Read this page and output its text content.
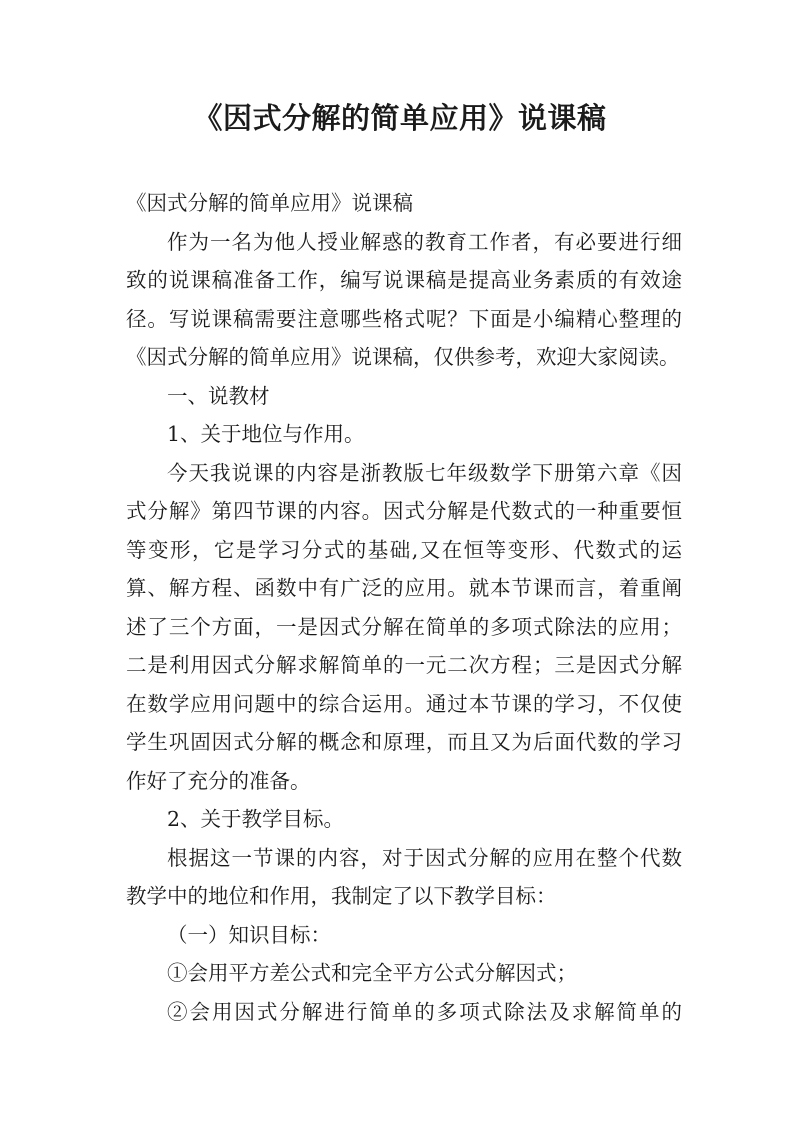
《因式分解的简单应用》说课稿

《因式分解的简单应用》说课稿

作为一名为他人授业解惑的教育工作者，有必要进行细
致的说课稿准备工作，编写说课稿是提高业务素质的有效途
径。写说课稿需要注意哪些格式呢？下面是小编精心整理的
《因式分解的简单应用》说课稿，仅供参考，欢迎大家阅读。

一、说教材

1、关于地位与作用。

今天我说课的内容是浙教版七年级数学下册第六章《因
式分解》第四节课的内容。因式分解是代数式的一种重要恒
等变形，它是学习分式的基础,又在恒等变形、代数式的运
算、解方程、函数中有广泛的应用。就本节课而言，着重阐
述了三个方面，一是因式分解在简单的多项式除法的应用；
二是利用因式分解求解简单的一元二次方程；三是因式分解
在数学应用问题中的综合运用。通过本节课的学习，不仅使
学生巩固因式分解的概念和原理，而且又为后面代数的学习
作好了充分的准备。

2、关于教学目标。

根据这一节课的内容，对于因式分解的应用在整个代数
教学中的地位和作用，我制定了以下教学目标：

（一）知识目标：

①会用平方差公式和完全平方公式分解因式；

②会用因式分解进行简单的多项式除法及求解简单的
